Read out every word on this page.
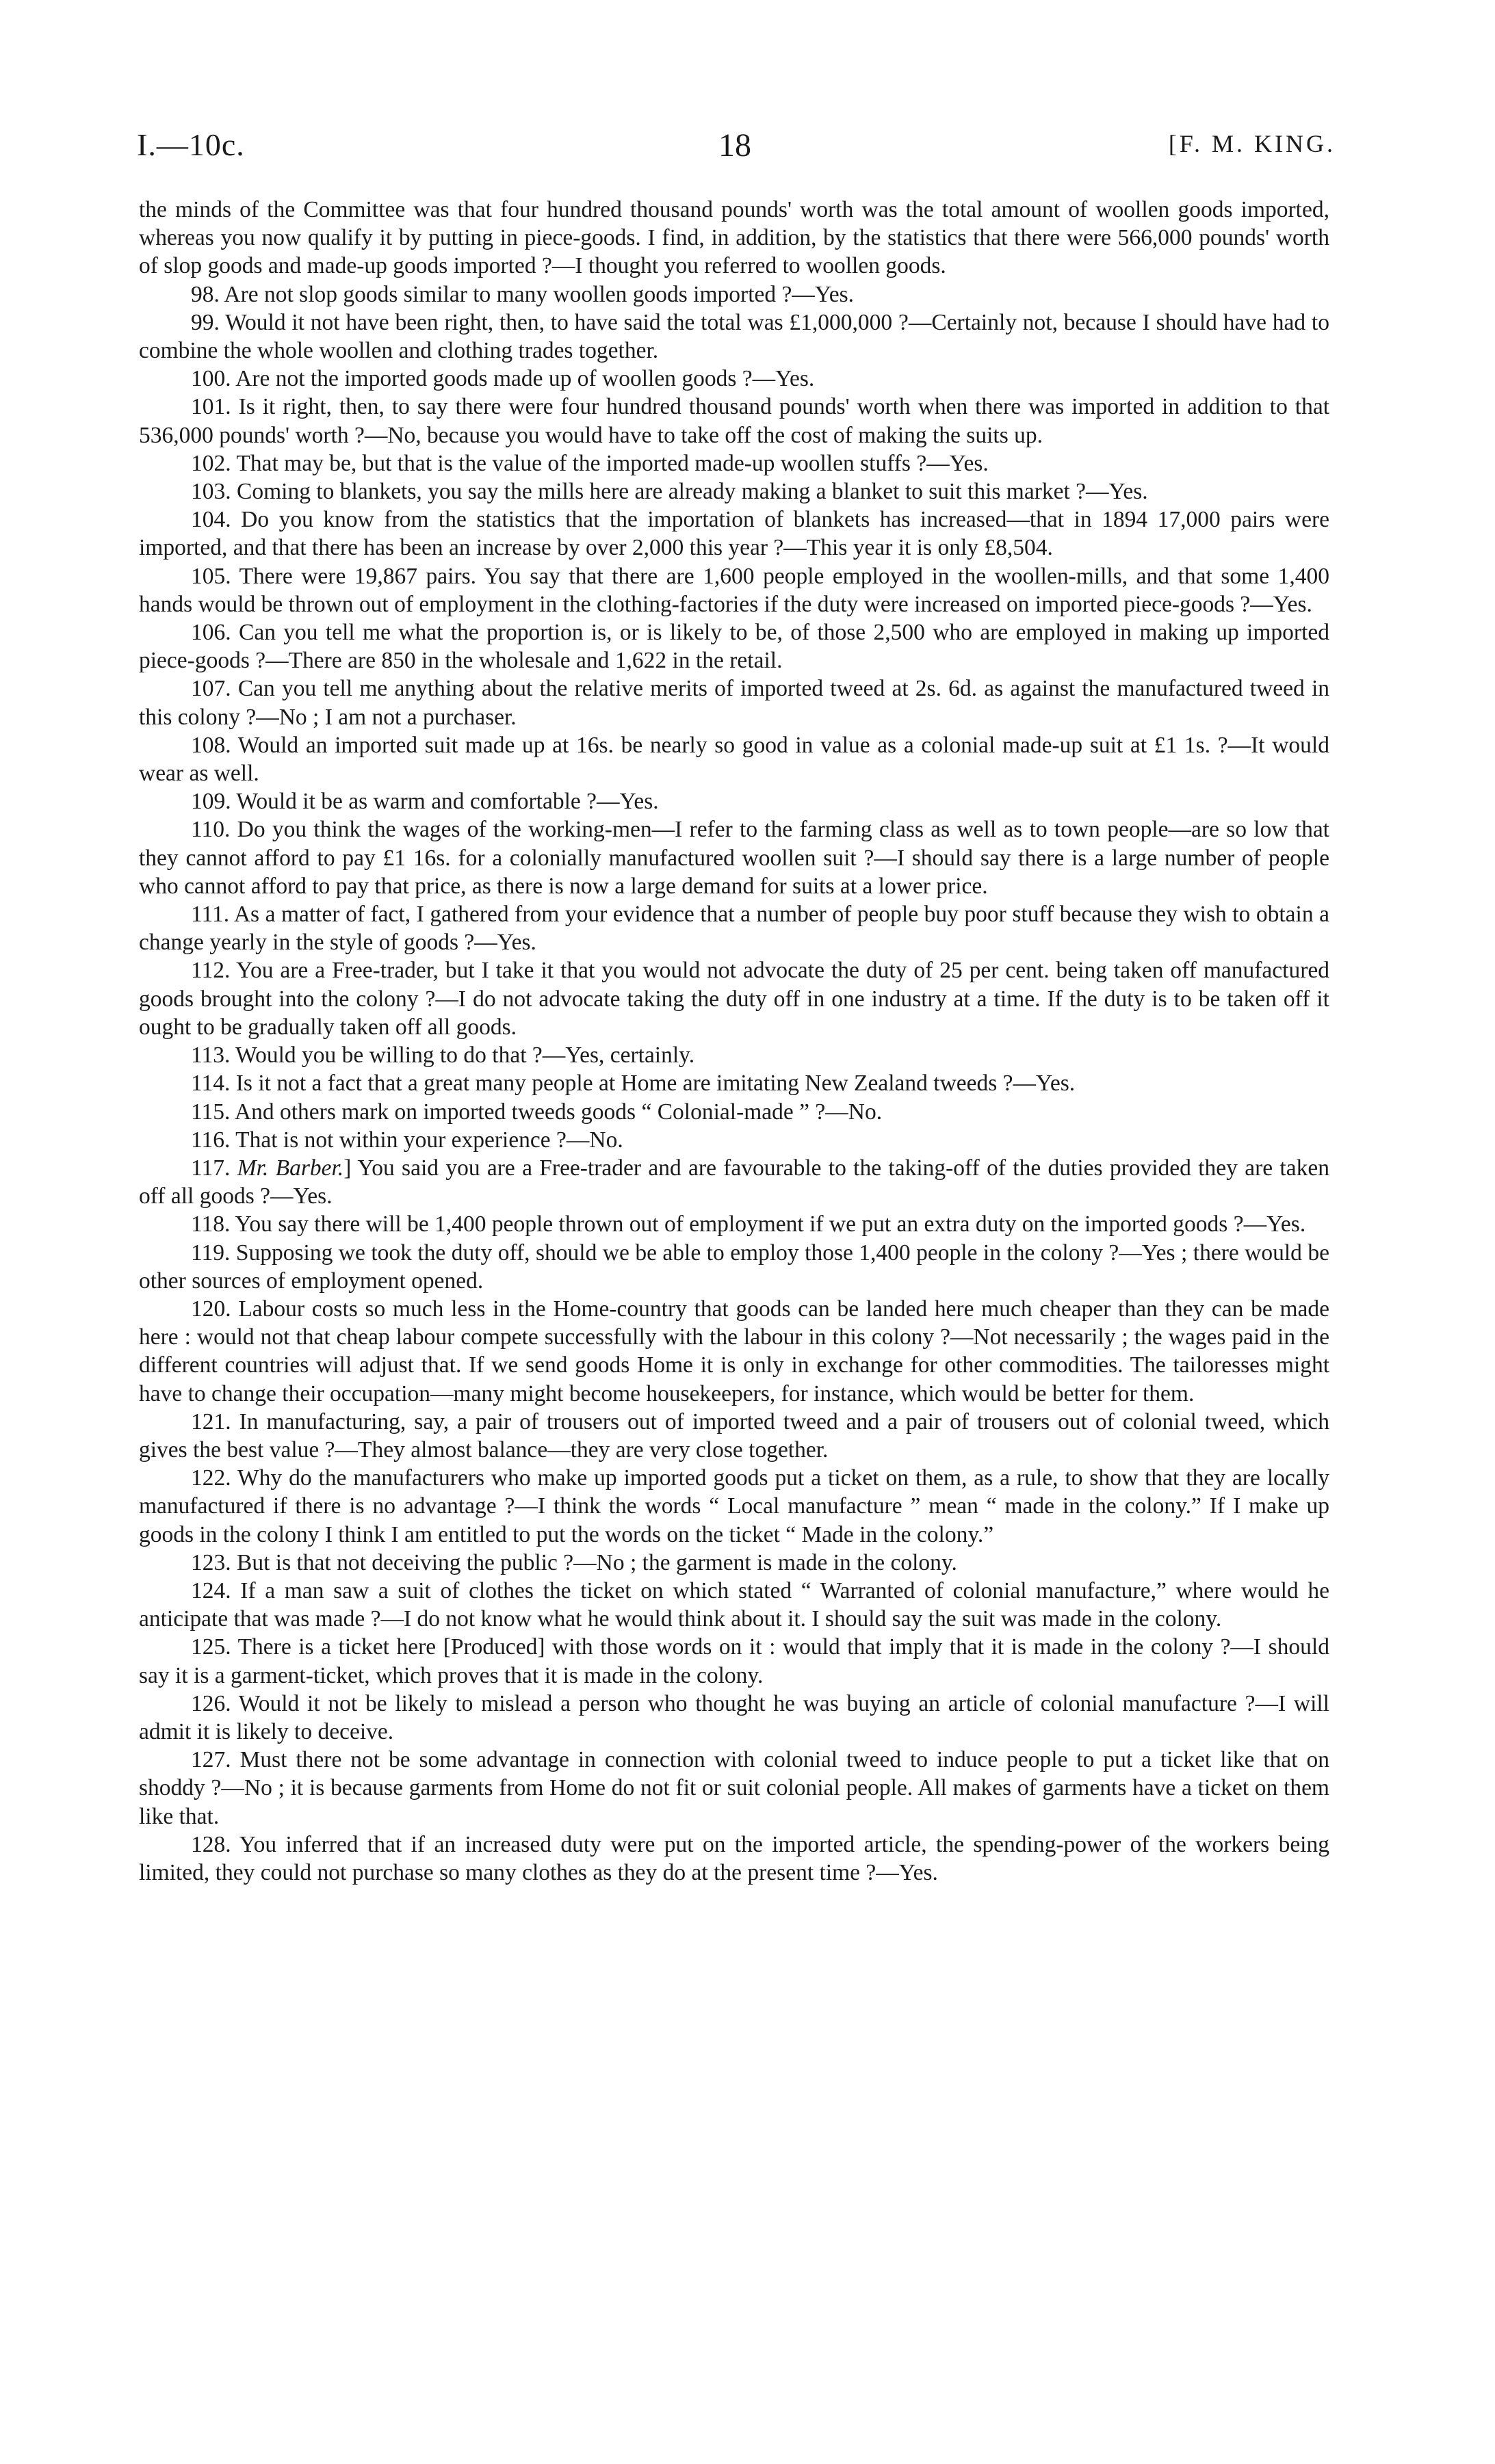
I.—10c.	18	[F. M. KING.

the minds of the Committee was that four hundred thousand pounds' worth was the total amount of woollen goods imported, whereas you now qualify it by putting in piece-goods. I find, in addition, by the statistics that there were 566,000 pounds' worth of slop goods and made-up goods imported ?—I thought you referred to woollen goods.

98. Are not slop goods similar to many woollen goods imported ?—Yes.

99. Would it not have been right, then, to have said the total was £1,000,000 ?—Certainly not, because I should have had to combine the whole woollen and clothing trades together.

100. Are not the imported goods made up of woollen goods ?—Yes.

101. Is it right, then, to say there were four hundred thousand pounds' worth when there was imported in addition to that 536,000 pounds' worth ?—No, because you would have to take off the cost of making the suits up.

102. That may be, but that is the value of the imported made-up woollen stuffs ?—Yes.

103. Coming to blankets, you say the mills here are already making a blanket to suit this market ?—Yes.

104. Do you know from the statistics that the importation of blankets has increased—that in 1894 17,000 pairs were imported, and that there has been an increase by over 2,000 this year ?—This year it is only £8,504.

105. There were 19,867 pairs. You say that there are 1,600 people employed in the woollen-mills, and that some 1,400 hands would be thrown out of employment in the clothing-factories if the duty were increased on imported piece-goods ?—Yes.

106. Can you tell me what the proportion is, or is likely to be, of those 2,500 who are employed in making up imported piece-goods ?—There are 850 in the wholesale and 1,622 in the retail.

107. Can you tell me anything about the relative merits of imported tweed at 2s. 6d. as against the manufactured tweed in this colony ?—No ; I am not a purchaser.

108. Would an imported suit made up at 16s. be nearly so good in value as a colonial made-up suit at £1 1s. ?—It would wear as well.

109. Would it be as warm and comfortable ?—Yes.

110. Do you think the wages of the working-men—I refer to the farming class as well as to town people—are so low that they cannot afford to pay £1 16s. for a colonially manufactured woollen suit ?—I should say there is a large number of people who cannot afford to pay that price, as there is now a large demand for suits at a lower price.

111. As a matter of fact, I gathered from your evidence that a number of people buy poor stuff because they wish to obtain a change yearly in the style of goods ?—Yes.

112. You are a Free-trader, but I take it that you would not advocate the duty of 25 per cent. being taken off manufactured goods brought into the colony ?—I do not advocate taking the duty off in one industry at a time. If the duty is to be taken off it ought to be gradually taken off all goods.

113. Would you be willing to do that ?—Yes, certainly.

114. Is it not a fact that a great many people at Home are imitating New Zealand tweeds ?—Yes.

115. And others mark on imported tweeds goods “ Colonial-made ” ?—No.

116. That is not within your experience ?—No.

117. Mr. Barber.] You said you are a Free-trader and are favourable to the taking-off of the duties provided they are taken off all goods ?—Yes.

118. You say there will be 1,400 people thrown out of employment if we put an extra duty on the imported goods ?—Yes.

119. Supposing we took the duty off, should we be able to employ those 1,400 people in the colony ?—Yes ; there would be other sources of employment opened.

120. Labour costs so much less in the Home-country that goods can be landed here much cheaper than they can be made here : would not that cheap labour compete successfully with the labour in this colony ?—Not necessarily ; the wages paid in the different countries will adjust that. If we send goods Home it is only in exchange for other commodities. The tailoresses might have to change their occupation—many might become housekeepers, for instance, which would be better for them.

121. In manufacturing, say, a pair of trousers out of imported tweed and a pair of trousers out of colonial tweed, which gives the best value ?—They almost balance—they are very close together.

122. Why do the manufacturers who make up imported goods put a ticket on them, as a rule, to show that they are locally manufactured if there is no advantage ?—I think the words “ Local manufacture ” mean “ made in the colony.” If I make up goods in the colony I think I am entitled to put the words on the ticket “ Made in the colony.”

123. But is that not deceiving the public ?—No ; the garment is made in the colony.

124. If a man saw a suit of clothes the ticket on which stated “ Warranted of colonial manufacture,” where would he anticipate that was made ?—I do not know what he would think about it. I should say the suit was made in the colony.

125. There is a ticket here [Produced] with those words on it : would that imply that it is made in the colony ?—I should say it is a garment-ticket, which proves that it is made in the colony.

126. Would it not be likely to mislead a person who thought he was buying an article of colonial manufacture ?—I will admit it is likely to deceive.

127. Must there not be some advantage in connection with colonial tweed to induce people to put a ticket like that on shoddy ?—No ; it is because garments from Home do not fit or suit colonial people. All makes of garments have a ticket on them like that.

128. You inferred that if an increased duty were put on the imported article, the spending-power of the workers being limited, they could not purchase so many clothes as they do at the present time ?—Yes.
